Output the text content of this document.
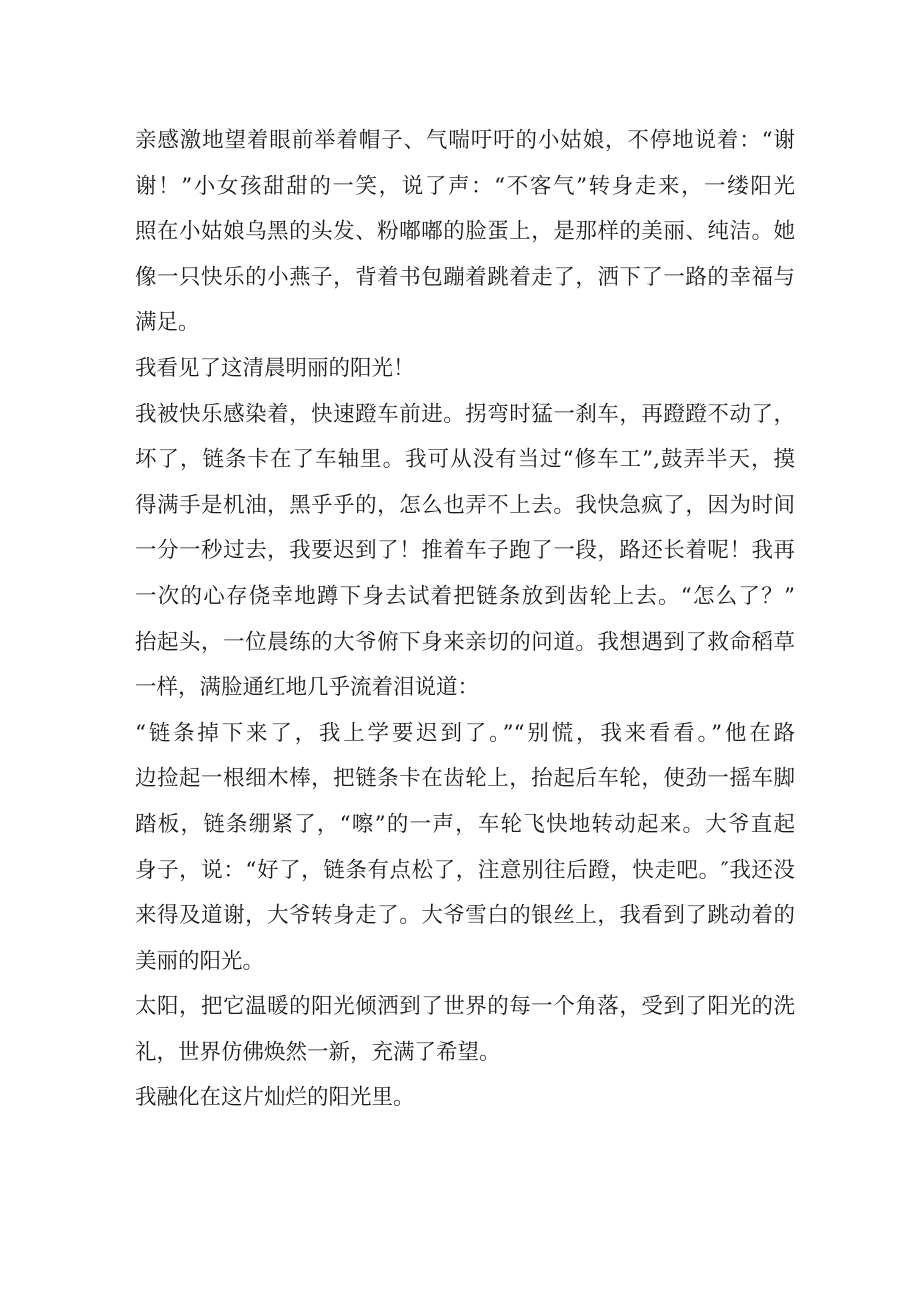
亲感激地望着眼前举着帽子、气喘吁吁的小姑娘，不停地说着：“谢
谢！”小女孩甜甜的一笑，说了声：“不客气”转身走来，一缕阳光
照在小姑娘乌黑的头发、粉嘟嘟的脸蛋上，是那样的美丽、纯洁。她
像一只快乐的小燕子，背着书包蹦着跳着走了，洒下了一路的幸福与
满足。
我看见了这清晨明丽的阳光！
我被快乐感染着，快速蹬车前进。拐弯时猛一刹车，再蹬蹬不动了，
坏了，链条卡在了车轴里。我可从没有当过“修车工”,鼓弄半天，摸
得满手是机油，黑乎乎的，怎么也弄不上去。我快急疯了，因为时间
一分一秒过去，我要迟到了！推着车子跑了一段，路还长着呢！我再
一次的心存侥幸地蹲下身去试着把链条放到齿轮上去。“怎么了？”
抬起头，一位晨练的大爷俯下身来亲切的问道。我想遇到了救命稻草
一样，满脸通红地几乎流着泪说道：
“链条掉下来了，我上学要迟到了。”“别慌，我来看看。”他在路
边捡起一根细木棒，把链条卡在齿轮上，抬起后车轮，使劲一摇车脚
踏板，链条绷紧了，“嚓”的一声，车轮飞快地转动起来。大爷直起
身子，说：“好了，链条有点松了，注意别往后蹬，快走吧。″我还没
来得及道谢，大爷转身走了。大爷雪白的银丝上，我看到了跳动着的
美丽的阳光。
太阳，把它温暖的阳光倾洒到了世界的每一个角落，受到了阳光的洗
礼，世界仿佛焕然一新，充满了希望。
我融化在这片灿烂的阳光里。
